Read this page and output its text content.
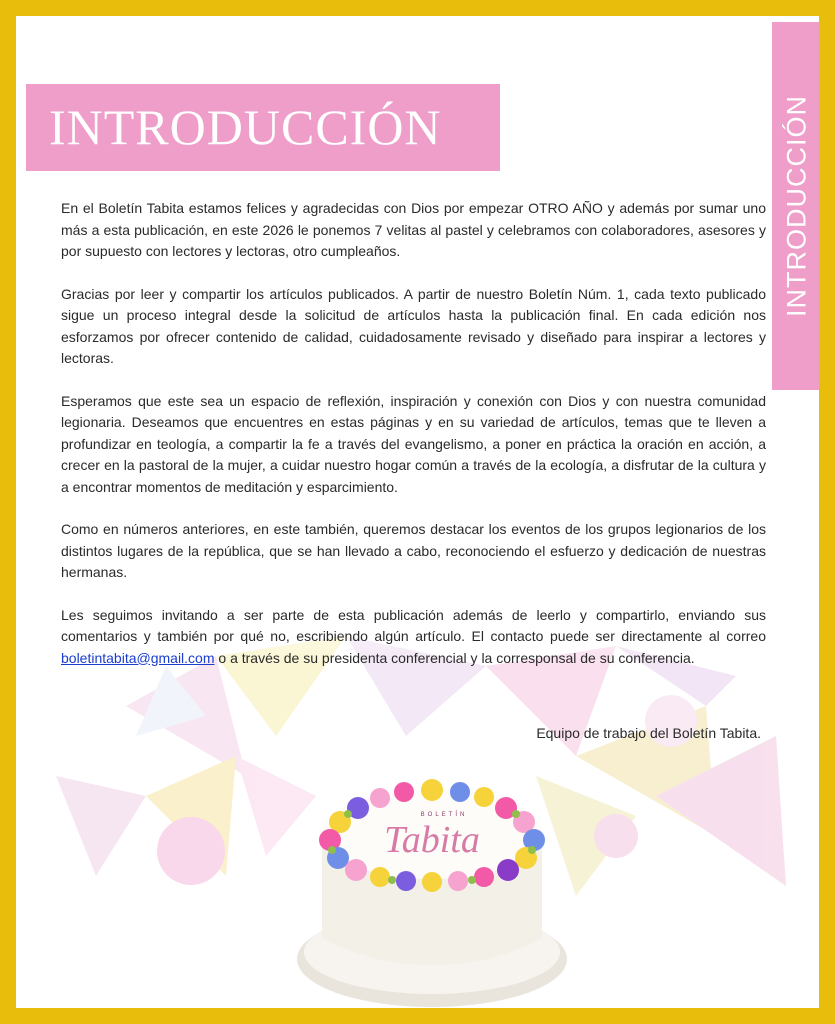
INTRODUCCIÓN

En el Boletín Tabita estamos felices y agradecidas con Dios por empezar OTRO AÑO y además por sumar uno más a esta publicación, en este 2026 le ponemos 7 velitas al pastel y celebramos con colaboradores, asesores y por supuesto con lectores y lectoras, otro cumpleaños.

Gracias por leer y compartir los artículos publicados. A partir de nuestro Boletín Núm. 1, cada texto publicado sigue un proceso integral desde la solicitud de artículos hasta la publicación final. En cada edición nos esforzamos por ofrecer contenido de calidad, cuidadosamente revisado y diseñado para inspirar a lectores y lectoras.

Esperamos que este sea un espacio de reflexión, inspiración y conexión con Dios y con nuestra comunidad legionaria. Deseamos que encuentres en estas páginas y en su variedad de artículos, temas que te lleven a profundizar en teología, a compartir la fe a través del evangelismo, a poner en práctica la oración en acción, a crecer en la pastoral de la mujer, a cuidar nuestro hogar común a través de la ecología, a disfrutar de la cultura y a encontrar momentos de meditación y esparcimiento.

Como en números anteriores, en este también, queremos destacar los eventos de los grupos legionarios de los distintos lugares de la república, que se han llevado a cabo, reconociendo el esfuerzo y dedicación de nuestras hermanas.

Les seguimos invitando a ser parte de esta publicación además de leerlo y compartirlo, enviando sus comentarios y también por qué no, escribiendo algún artículo. El contacto puede ser directamente al correo boletintabita@gmail.com o a través de su presidenta conferencial y la corresponsal de su conferencia.

Equipo de trabajo del Boletín Tabita.
BOLETÍN
Tabita
INTRODUCCIÓN
